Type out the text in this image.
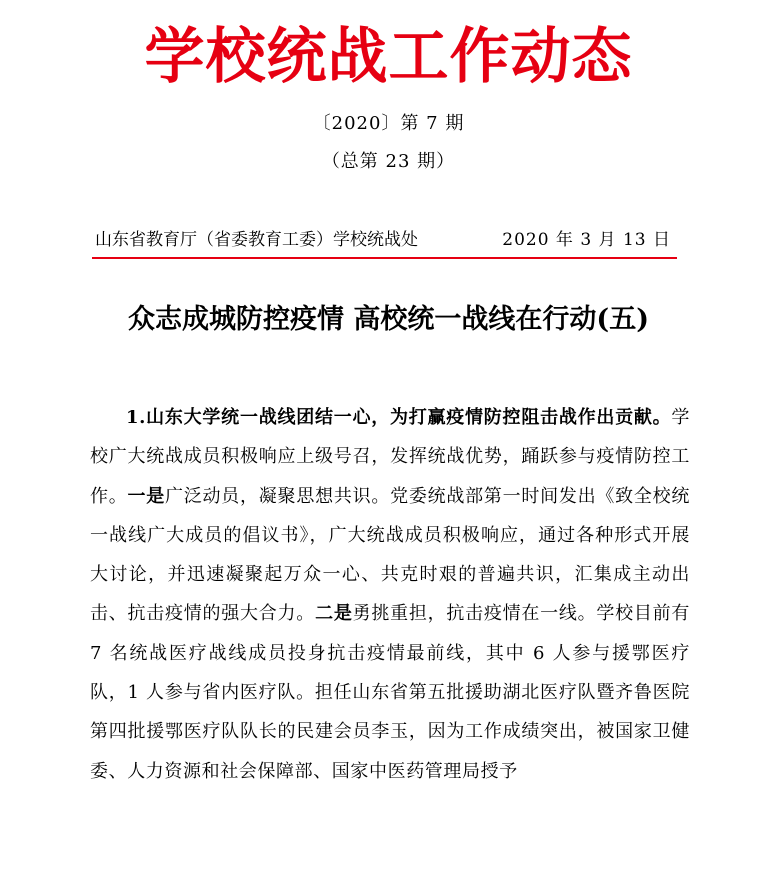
学校统战工作动态
〔2020〕第 7 期
（总第 23 期）
山东省教育厅（省委教育工委）学校统战处	2020 年 3 月 13 日
众志成城防控疫情 高校统一战线在行动(五)
1.山东大学统一战线团结一心，为打赢疫情防控阻击战作出贡献。学校广大统战成员积极响应上级号召，发挥统战优势，踊跃参与疫情防控工作。一是广泛动员，凝聚思想共识。党委统战部第一时间发出《致全校统一战线广大成员的倡议书》，广大统战成员积极响应，通过各种形式开展大讨论，并迅速凝聚起万众一心、共克时艰的普遍共识，汇集成主动出击、抗击疫情的强大合力。二是勇挑重担，抗击疫情在一线。学校目前有 7 名统战医疗战线成员投身抗击疫情最前线，其中 6 人参与援鄂医疗队，1 人参与省内医疗队。担任山东省第五批援助湖北医疗队暨齐鲁医院第四批援鄂医疗队队长的民建会员李玉，因为工作成绩突出，被国家卫健委、人力资源和社会保障部、国家中医药管理局授予
